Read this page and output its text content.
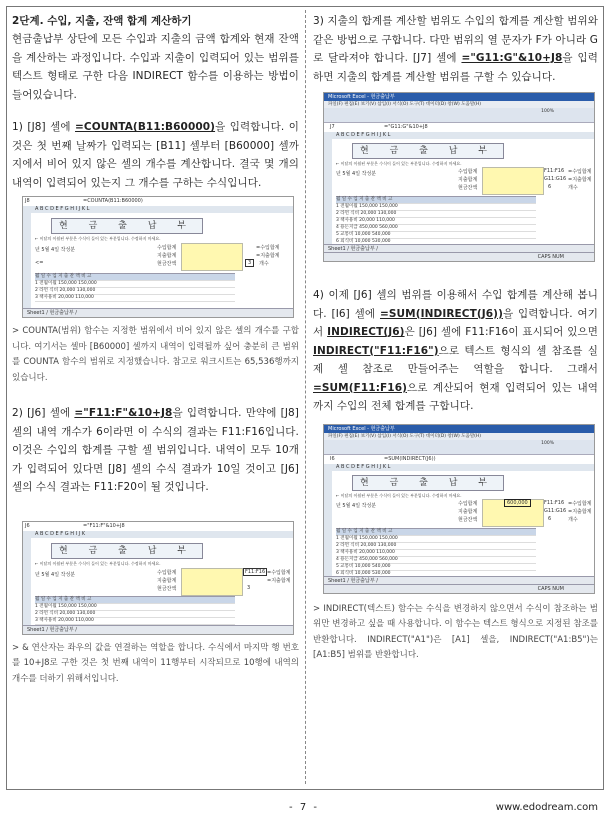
2단계. 수입, 지출, 잔액 합계 계산하기

현금출납부 상단에 모든 수입과 지출의 금액 합계와 현재 잔액을 계산하는 과정입니다. 수입과 지출이 입력되어 있는 범위를 텍스트 형태로 구한 다음 INDIRECT 함수를 이용하는 방법이 들어있습니다.

1) [J8] 셀에 =COUNTA(B11:B60000)을 입력합니다. 이것은 첫 번째 날짜가 입력되는 [B11] 셀부터 [B60000] 셀까지에서 비어 있지 않은 셀의 개수를 계산합니다. 결국 몇 개의 내역이 입력되어 있는지 그 개수를 구하는 수식입니다.

J8	=COUNTA(B11:B60000)
A B C D E F G H I J K L
현 금 출 납 부
← 이달의 이월된 부분은 수식이 들어 있는 부분입니다. 수정하지 마세요.
년 5월 4일 작성분	수입합계
지출합계
현금잔액
=수입합계
=지출합계
개수
<=	3
월 일 수 입 지 출 잔 액 비 고
1 전월이월 150,000 150,000
2 라면 식비 20,000 130,000
3 책사용비 20,000 110,000
Sheet1 / 현금출납부 /

> COUNTA(범위) 함수는 지정한 범위에서 비어 있지 않은 셀의 개수를 구합니다. 여기서는 셀마 [B60000] 셀까지 내역이 입력될까 싶어 충분히 큰 범위를 COUNTA 함수의 범위로 지정했습니다. 참고로 워크시트는 65,536행까지 있습니다.

2) [J6] 셀에 ="F11:F"&10+J8을 입력합니다. 만약에 [J8] 셀의 내역 개수가 6이라면 이 수식의 결과는 F11:F16입니다. 이것은 수입의 합계를 구할 셀 범위입니다. 내역이 모두 10개가 입력되어 있다면 [J8] 셀의 수식 결과가 10일 것이고 [J6] 셀의 수식 결과는 F11:F20이 될 것입니다.

J6	="F11:F"&10+J8
A B C D E F G H I J K
현 금 출 납 부
← 이달의 이월된 부분은 수식이 들어 있는 부분입니다. 수정하지 마세요.
년 5월 4일 작성분	수입합계
지출합계
현금잔액
F11:F16 =수입합계
=지출합계
3
월 일 수 입 지 출 잔 액 비 고
1 전월이월 150,000 150,000
2 라면 식비 20,000 130,000
3 책사용비 20,000 110,000
Sheet1 / 현금출납부 /

> & 연산자는 좌우의 값을 연결하는 역할을 합니다. 수식에서 마지막 행 번호를 10+J8로 구한 것은 첫 번째 내역이 11행부터 시작되므로 10행에 내역의 개수를 더하기 위해서입니다.

3) 지출의 합계를 계산할 범위도 수입의 합계를 계산할 범위와 같은 방법으로 구합니다. 다만 범위의 열 문자가 F가 아니라 G로 달라져야 합니다. [J7] 셀에 ="G11:G"&10+J8을 입력하면 지출의 합계를 계산할 범위를 구할 수 있습니다.

Microsoft Excel - 현금출납부
파일(F) 편집(E) 보기(V) 삽입(I) 서식(O) 도구(T) 데이터(D) 창(W) 도움말(H)
100%
J7	="G11:G"&10+J8
A B C D E F G H I J K L
현 금 출 납 부
← 이달의 이월된 부분은 수식이 들어 있는 부분입니다. 수정하지 마세요.
년 5월 4일 작성분	수입합계
지출합계
현금잔액
F11:F16
G11:G16
=수입합계
=지출합계
개수
6
월 일 수 입 지 출 잔 액 비 고
1 전월이월 150,000 150,000
2 라면 식비 20,000 130,000
3 책사용비 20,000 110,000
4 용돈지급 450,000 560,000
5 교통비 10,000 540,000
6 외식비 10,000 530,000
Sheet1 / 현금출납부 /
CAPS NUM

4) 이제 [J6] 셀의 범위를 이용해서 수입 합계를 계산해 봅니다. [I6] 셀에 =SUM(INDIRECT(J6))을 입력합니다. 여기서 INDIRECT(J6)은 [J6] 셀에 F11:F16이 표시되어 있으면 INDIRECT("F11:F16")으로 텍스트 형식의 셀 참조를 실제 셀 참조로 만들어주는 역할을 합니다. 그래서 =SUM(F11:F16)으로 계산되어 현재 입력되어 있는 내역까지 수입의 전체 합계를 구합니다.

Microsoft Excel - 현금출납부
파일(F) 편집(E) 보기(V) 삽입(I) 서식(O) 도구(T) 데이터(D) 창(W) 도움말(H)
100%
I6	=SUM(INDIRECT(J6))
A B C D E F G H I J K L
현 금 출 납 부
← 이달의 이월된 부분은 수식이 들어 있는 부분입니다. 수정하지 마세요.
년 5월 4일 작성분	수입합계
지출합계
현금잔액
600,000	F11:F16
G11:G16
=수입합계
=지출합계
개수
6
월 일 수 입 지 출 잔 액 비 고
1 전월이월 150,000 150,000
2 라면 식비 20,000 130,000
3 책사용비 20,000 110,000
4 용돈지급 450,000 560,000
5 교통비 10,000 540,000
6 외식비 10,000 530,000
Sheet1 / 현금출납부 /
CAPS NUM

> INDIRECT(텍스트) 함수는 수식을 변경하지 않으면서 수식이 참조하는 범위만 변경하고 싶을 때 사용합니다. 이 함수는 텍스트 형식으로 지정된 참조를 반환합니다. INDIRECT("A1")은 [A1] 셀을, INDIRECT("A1:B5")는 [A1:B5] 범위를 반환합니다.

- 7 -	www.edodream.com
